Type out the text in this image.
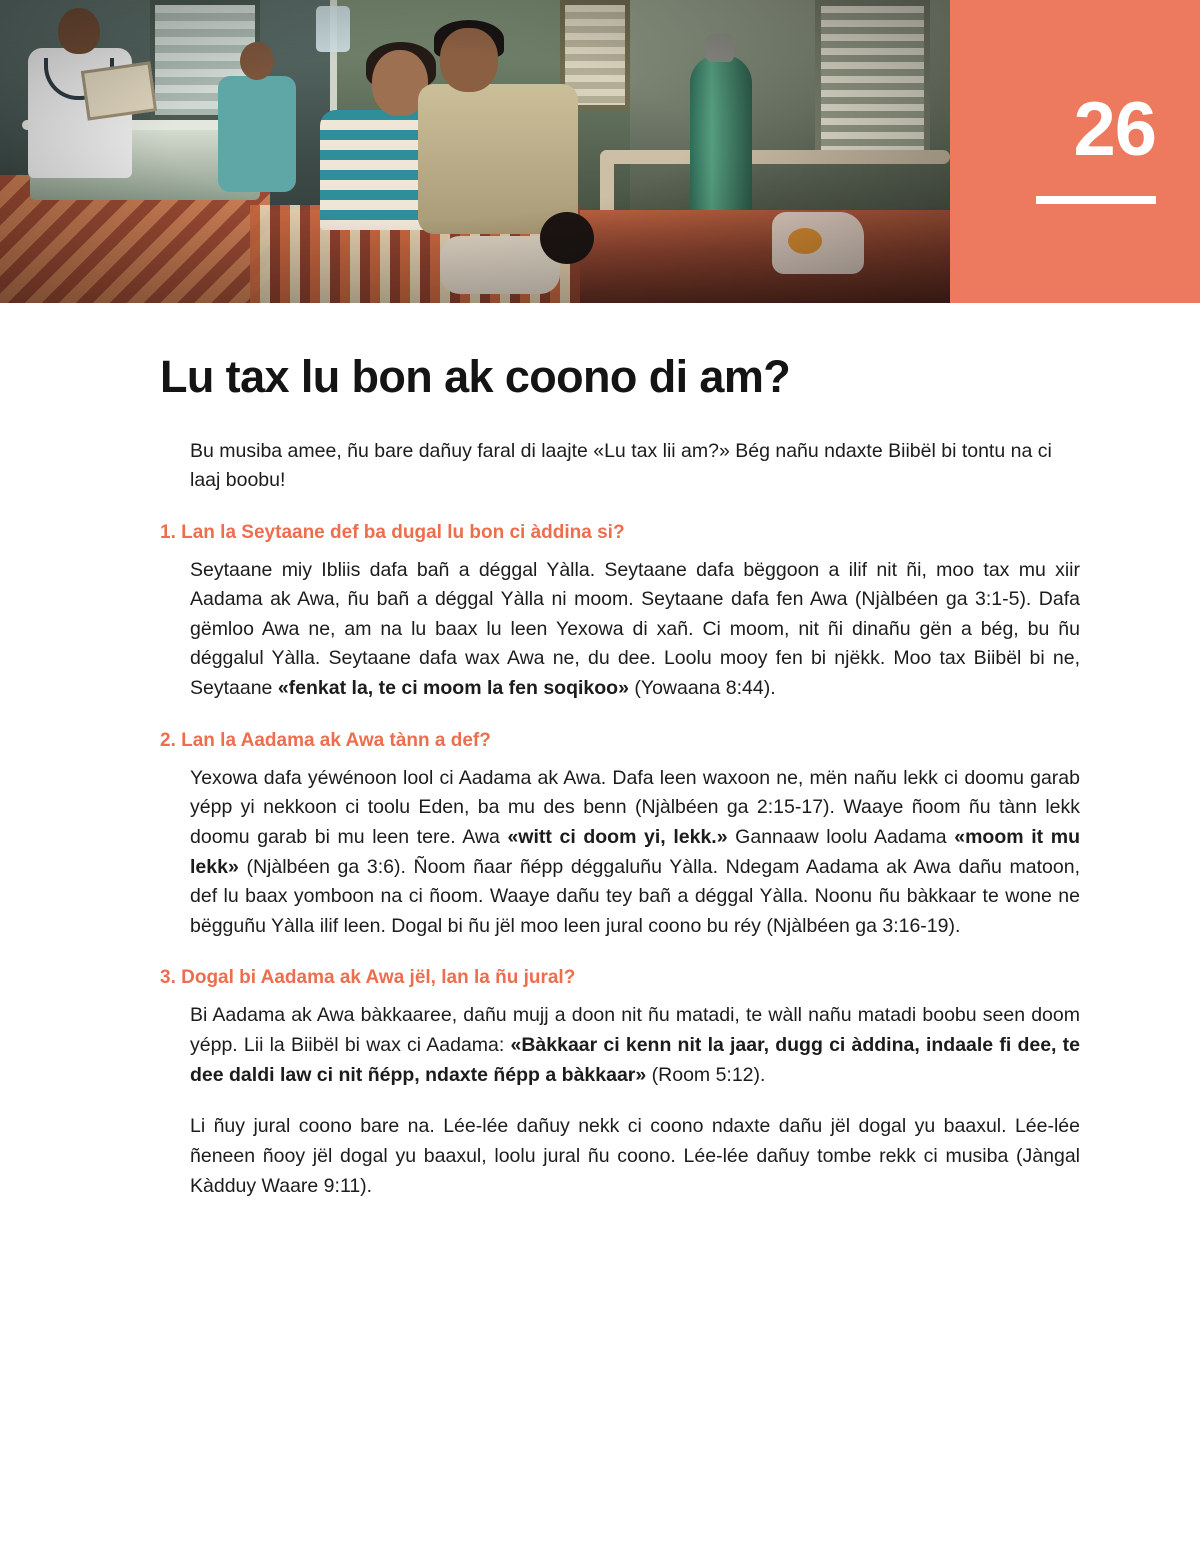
26
Lu tax lu bon ak coono di am?

Bu musiba amee, ñu bare dañuy faral di laajte «Lu tax lii am?» Bég nañu ndaxte Biibël bi tontu na ci laaj boobu!

1. Lan la Seytaane def ba dugal lu bon ci àddina si?

Seytaane miy Ibliis dafa bañ a déggal Yàlla. Seytaane dafa bëggoon a ilif nit ñi, moo tax mu xiir Aadama ak Awa, ñu bañ a déggal Yàlla ni moom. Seytaane dafa fen Awa (Njàlbéen ga 3:1-5). Dafa gëmloo Awa ne, am na lu baax lu leen Yexowa di xañ. Ci moom, nit ñi dinañu gën a bég, bu ñu déggalul Yàlla. Seytaane dafa wax Awa ne, du dee. Loolu mooy fen bi njëkk. Moo tax Biibël bi ne, Seytaane «fenkat la, te ci moom la fen soqikoo» (Yowaana 8:44).

2. Lan la Aadama ak Awa tànn a def?

Yexowa dafa yéwénoon lool ci Aadama ak Awa. Dafa leen waxoon ne, mën nañu lekk ci doomu garab yépp yi nekkoon ci toolu Eden, ba mu des benn (Njàlbéen ga 2:15-17). Waaye ñoom ñu tànn lekk doomu garab bi mu leen tere. Awa «witt ci doom yi, lekk.» Gannaaw loolu Aadama «moom it mu lekk» (Njàlbéen ga 3:6). Ñoom ñaar ñépp déggaluñu Yàlla. Ndegam Aadama ak Awa dañu matoon, def lu baax yomboon na ci ñoom. Waaye dañu tey bañ a déggal Yàlla. Noonu ñu bàkkaar te wone ne bëgguñu Yàlla ilif leen. Dogal bi ñu jël moo leen jural coono bu réy (Njàlbéen ga 3:16-19).

3. Dogal bi Aadama ak Awa jël, lan la ñu jural?

Bi Aadama ak Awa bàkkaaree, dañu mujj a doon nit ñu matadi, te wàll nañu matadi boobu seen doom yépp. Lii la Biibël bi wax ci Aadama: «Bàkkaar ci kenn nit la jaar, dugg ci àddina, indaale fi dee, te dee daldi law ci nit ñépp, ndaxte ñépp a bàkkaar» (Room 5:12).

Li ñuy jural coono bare na. Lée-lée dañuy nekk ci coono ndaxte dañu jël dogal yu baaxul. Lée-lée ñeneen ñooy jël dogal yu baaxul, loolu jural ñu coono. Lée-lée dañuy tombe rekk ci musiba (Jàngal Kàdduy Waare 9:11).
